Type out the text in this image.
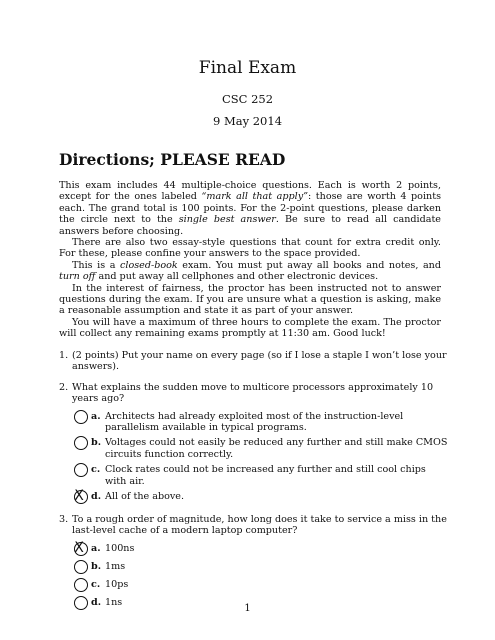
Final Exam
CSC 252
9 May 2014
Directions; PLEASE READ
This exam includes 44 multiple-choice questions. Each is worth 2 points, except for the ones labeled “mark all that apply”: those are worth 4 points each. The grand total is 100 points. For the 2-point questions, please darken the circle next to the single best answer. Be sure to read all candidate answers before choosing.
There are also two essay-style questions that count for extra credit only. For these, please confine your answers to the space provided.
This is a closed-book exam. You must put away all books and notes, and turn off and put away all cellphones and other electronic devices.
In the interest of fairness, the proctor has been instructed not to answer questions during the exam. If you are unsure what a question is asking, make a reasonable assumption and state it as part of your answer.
You will have a maximum of three hours to complete the exam. The proctor will collect any remaining exams promptly at 11:30 am. Good luck!
1. (2 points) Put your name on every page (so if I lose a staple I won’t lose your answers).
2. What explains the sudden move to multicore processors approximately 10 years ago?
a. Architects had already exploited most of the instruction-level parallelism available in typical programs.
b. Voltages could not easily be reduced any further and still make CMOS circuits function correctly.
c. Clock rates could not be increased any further and still cool chips with air.
X d. All of the above.
3. To a rough order of magnitude, how long does it take to service a miss in the last-level cache of a modern laptop computer?
X a. 100ns
b. 1ms
c. 10ps
d. 1ns
1
